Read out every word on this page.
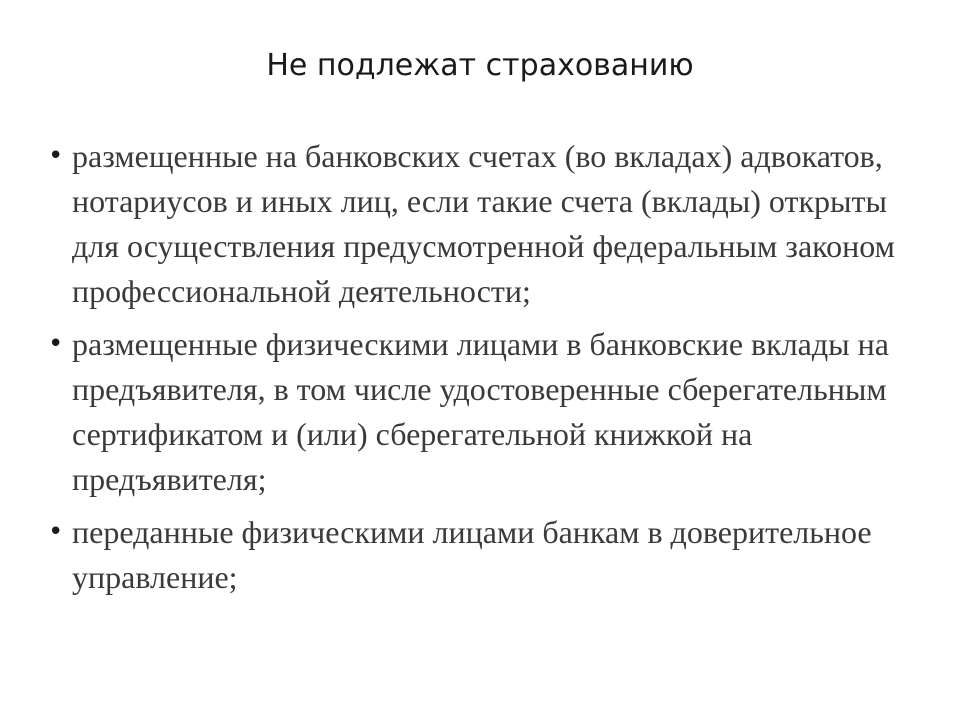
Не подлежат страхованию
• размещенные на банковских счетах (во вкладах) адвокатов, нотариусов и иных лиц, если такие счета (вклады) открыты для осуществления предусмотренной федеральным законом профессиональной деятельности;
• размещенные физическими лицами в банковские вклады на предъявителя, в том числе удостоверенные сберегательным сертификатом и (или) сберегательной книжкой на предъявителя;
• переданные физическими лицами банкам в доверительное управление;
